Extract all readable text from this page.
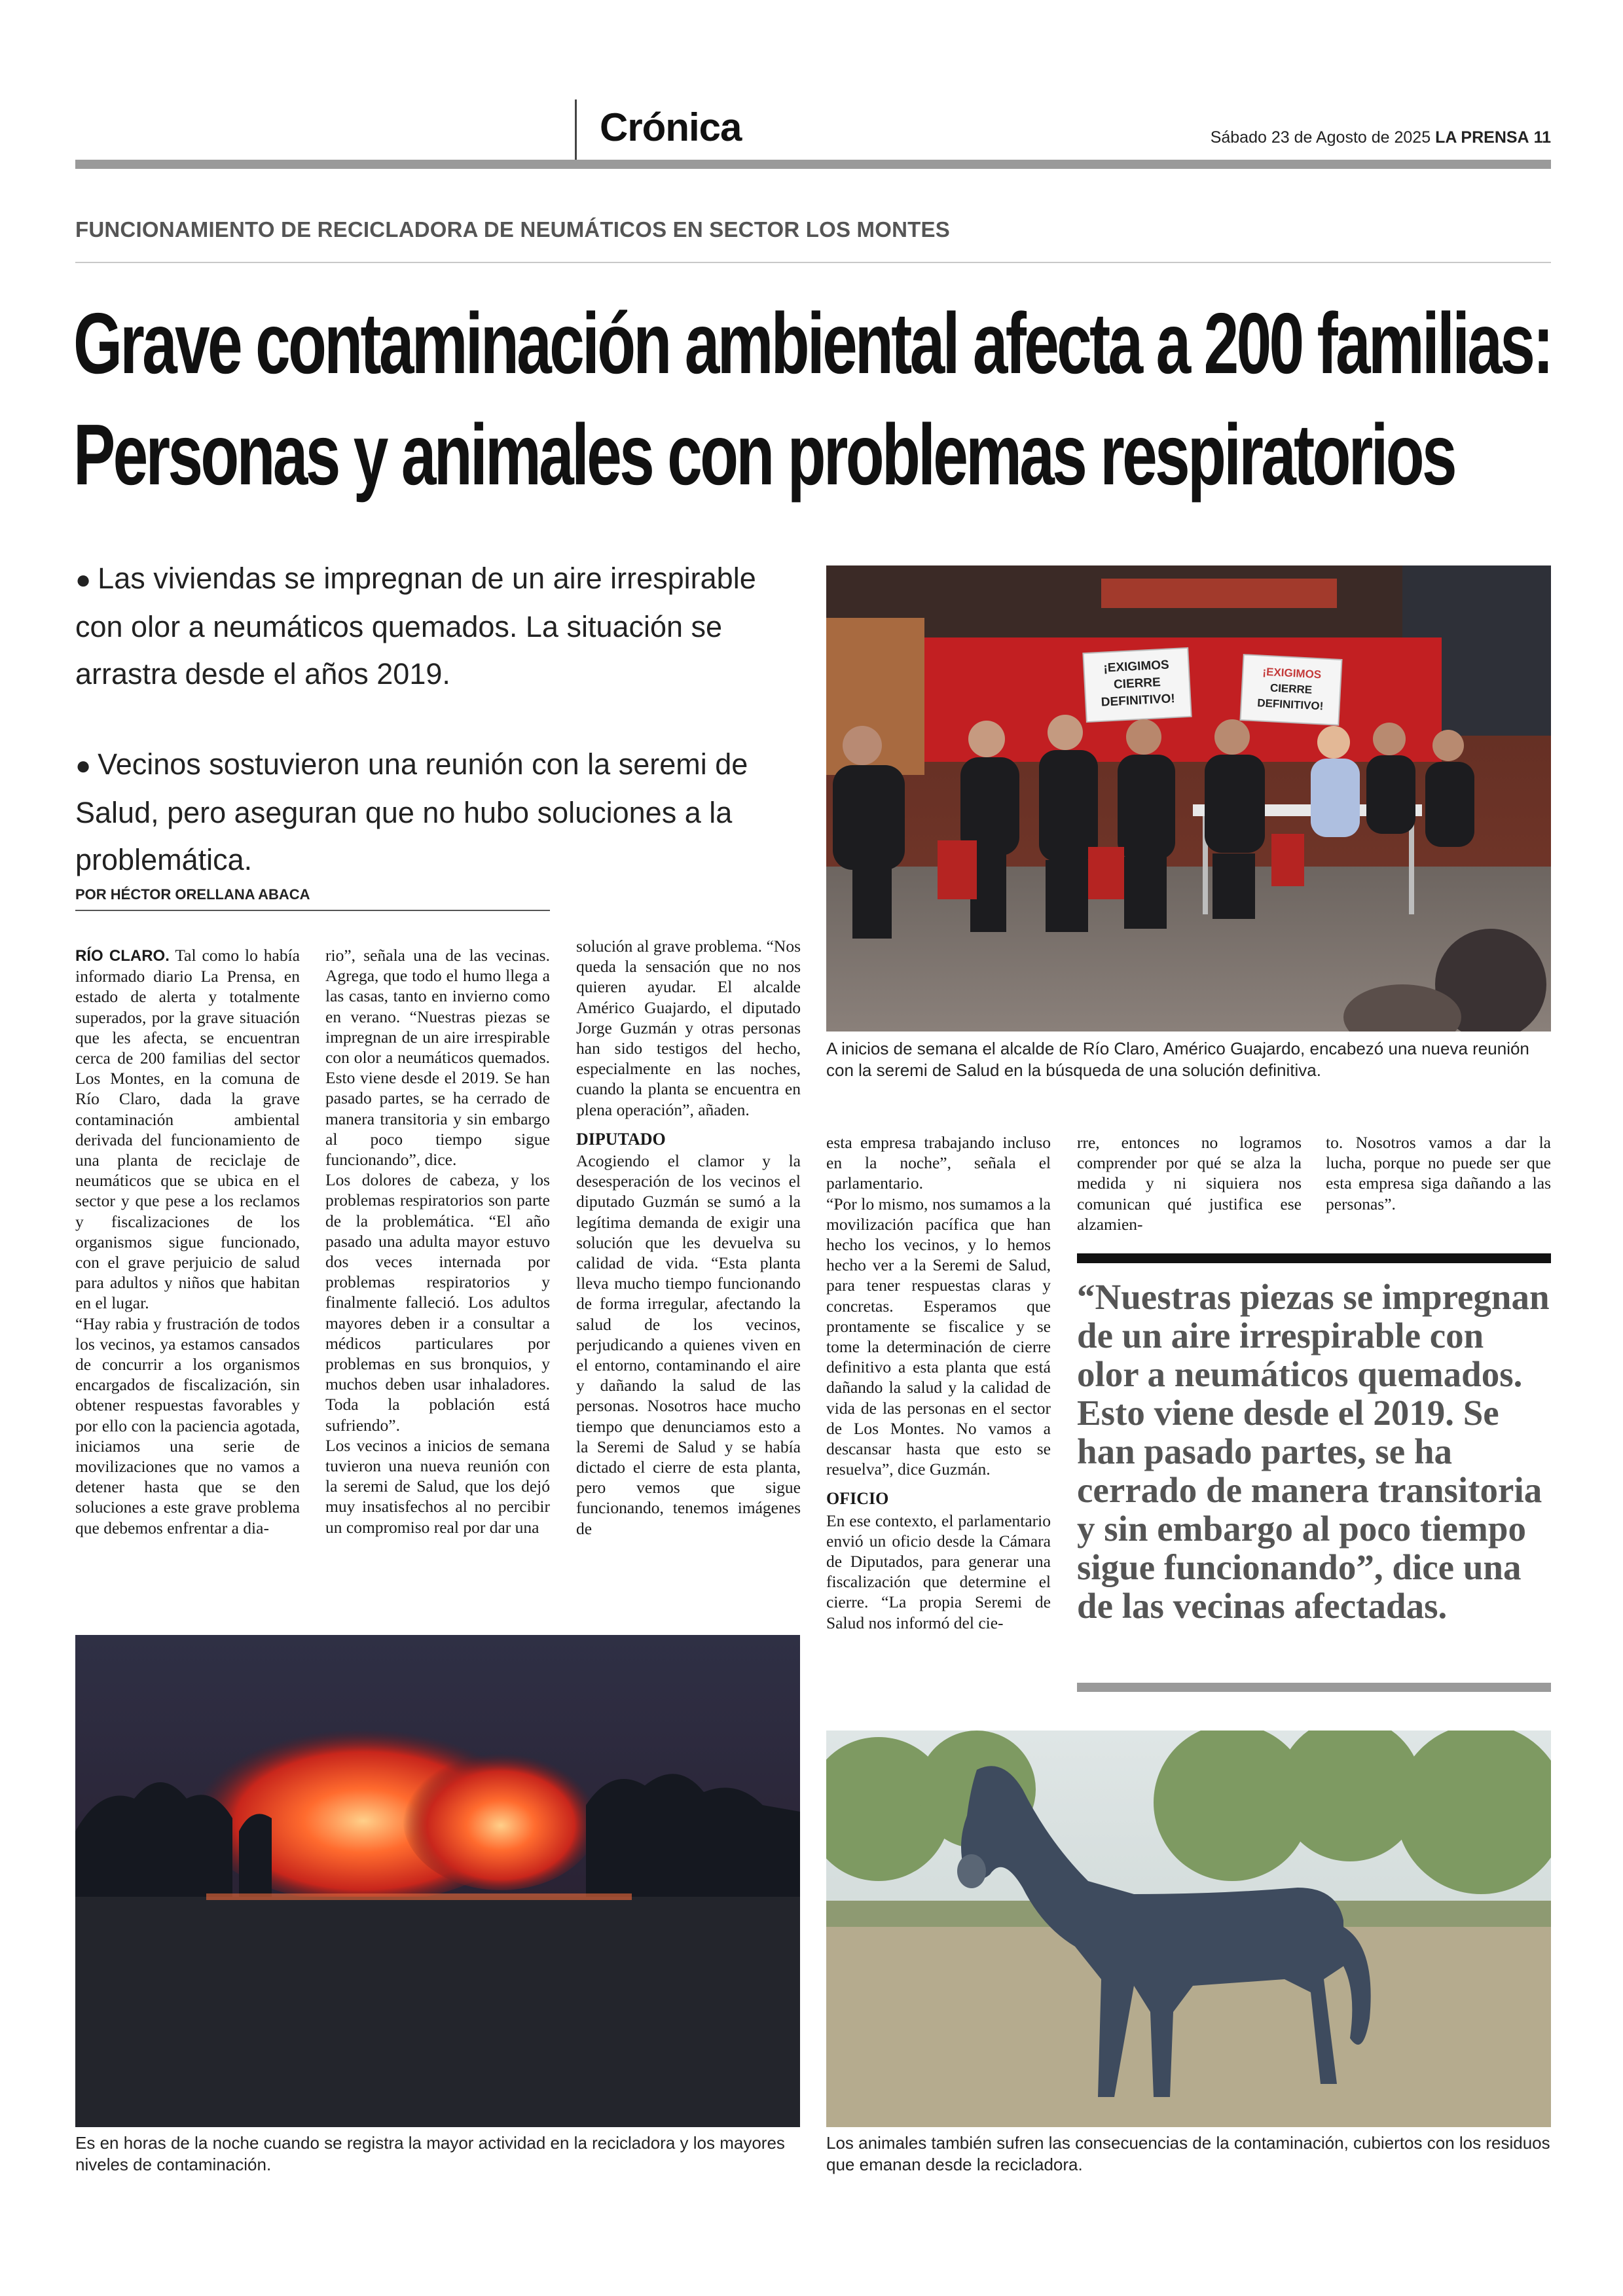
Crónica	Sábado 23 de Agosto de 2025 LA PRENSA 11
FUNCIONAMIENTO DE RECICLADORA DE NEUMÁTICOS EN SECTOR LOS MONTES
Grave contaminación ambiental afecta a 200 familias:
Personas y animales con problemas respiratorios
● Las viviendas se impregnan de un aire irrespirable con olor a neumáticos quemados. La situación se arrastra desde el años 2019.
● Vecinos sostuvieron una reunión con la seremi de Salud, pero aseguran que no hubo soluciones a la problemática.
POR HÉCTOR ORELLANA ABACA

RÍO CLARO. Tal como lo había informado diario La Prensa, en estado de alerta y totalmente superados, por la grave situación que les afecta, se encuentran cerca de 200 familias del sector Los Montes, en la comuna de Río Claro, dada la grave contaminación ambiental derivada del funcionamiento de una planta de reciclaje de neumáticos que se ubica en el sector y que pese a los reclamos y fiscalizaciones de los organismos sigue funcionado, con el grave perjuicio de salud para adultos y niños que habitan en el lugar.

“Hay rabia y frustración de todos los vecinos, ya estamos cansados de concurrir a los organismos encargados de fiscalización, sin obtener respuestas favorables y por ello con la paciencia agotada, iniciamos una serie de movilizaciones que no vamos a detener hasta que se den soluciones a este grave problema que debemos enfrentar a dia-

rio”, señala una de las vecinas. Agrega, que todo el humo llega a las casas, tanto en invierno como en verano. “Nuestras piezas se impregnan de un aire irrespirable con olor a neumáticos quemados. Esto viene desde el 2019. Se han pasado partes, se ha cerrado de manera transitoria y sin embargo al poco tiempo sigue funcionando”, dice.

Los dolores de cabeza, y los problemas respiratorios son parte de la problemática. “El año pasado una adulta mayor estuvo dos veces internada por problemas respiratorios y finalmente falleció. Los adultos mayores deben ir a consultar a médicos particulares por problemas en sus bronquios, y muchos deben usar inhaladores. Toda la población está sufriendo”.

Los vecinos a inicios de semana tuvieron una nueva reunión con la seremi de Salud, que los dejó muy insatisfechos al no percibir un compromiso real por dar una

solución al grave problema. “Nos queda la sensación que no nos quieren ayudar. El alcalde Américo Guajardo, el diputado Jorge Guzmán y otras personas han sido testigos del hecho, especialmente en las noches, cuando la planta se encuentra en plena operación”, añaden.

DIPUTADO

Acogiendo el clamor y la desesperación de los vecinos el diputado Guzmán se sumó a la legítima demanda de exigir una solución que les devuelva su calidad de vida. “Esta planta lleva mucho tiempo funcionando de forma irregular, afectando la salud de los vecinos, perjudicando a quienes viven en el entorno, contaminando el aire y dañando la salud de las personas. Nosotros hace mucho tiempo que denunciamos esto a la Seremi de Salud y se había dictado el cierre de esta planta, pero vemos que sigue funcionando, tenemos imágenes de

esta empresa trabajando incluso en la noche”, señala el parlamentario.

“Por lo mismo, nos sumamos a la movilización pacífica que han hecho los vecinos, y lo hemos hecho ver a la Seremi de Salud, para tener respuestas claras y concretas. Esperamos que prontamente se fiscalice y se tome la determinación de cierre definitivo a esta planta que está dañando la salud y la calidad de vida de las personas en el sector de Los Montes. No vamos a descansar hasta que esto se resuelva”, dice Guzmán.

OFICIO

En ese contexto, el parlamentario envió un oficio desde la Cámara de Diputados, para generar una fiscalización que determine el cierre. “La propia Seremi de Salud nos informó del cie-

rre, entonces no logramos comprender por qué se alza la medida y ni siquiera nos comunican qué justifica ese alzamien-

to. Nosotros vamos a dar la lucha, porque no puede ser que esta empresa siga dañando a las personas”.

¡EXIGIMOS
CIERRE
DEFINITIVO!
¡EXIGIMOS
CIERRE
DEFINITIVO!
A inicios de semana el alcalde de Río Claro, Américo Guajardo, encabezó una nueva reunión con la seremi de Salud en la búsqueda de una solución definitiva.
“Nuestras piezas se impregnan de un aire irrespirable con olor a neumáticos quemados. Esto viene desde el 2019. Se han pasado partes, se ha cerrado de manera transitoria y sin embargo al poco tiempo sigue funcionando”, dice una de las vecinas afectadas.
Es en horas de la noche cuando se registra la mayor actividad en la recicladora y los mayores niveles de contaminación.
Los animales también sufren las consecuencias de la contaminación, cubiertos con los residuos que emanan desde la recicladora.
